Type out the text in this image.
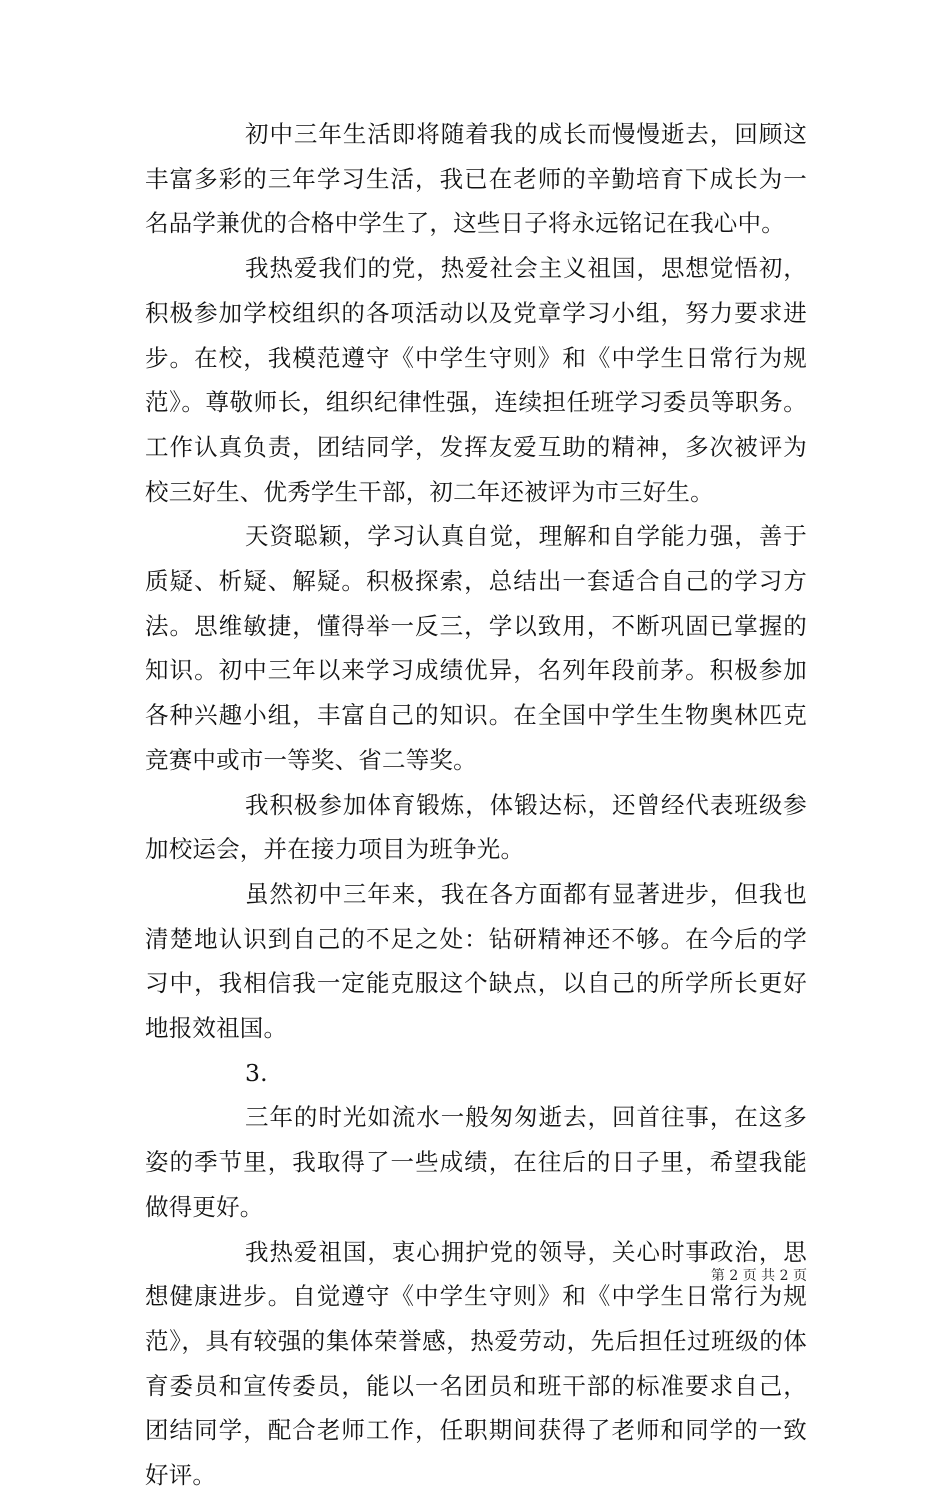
初中三年生活即将随着我的成长而慢慢逝去，回顾这丰富多彩的三年学习生活，我已在老师的辛勤培育下成长为一名品学兼优的合格中学生了，这些日子将永远铭记在我心中。

我热爱我们的党，热爱社会主义祖国，思想觉悟初，积极参加学校组织的各项活动以及党章学习小组，努力要求进步。在校，我模范遵守《中学生守则》和《中学生日常行为规范》。尊敬师长，组织纪律性强，连续担任班学习委员等职务。工作认真负责，团结同学，发挥友爱互助的精神，多次被评为校三好生、优秀学生干部，初二年还被评为市三好生。

天资聪颖，学习认真自觉，理解和自学能力强，善于质疑、析疑、解疑。积极探索，总结出一套适合自己的学习方法。思维敏捷，懂得举一反三，学以致用，不断巩固已掌握的知识。初中三年以来学习成绩优异，名列年段前茅。积极参加各种兴趣小组，丰富自己的知识。在全国中学生生物奥林匹克竞赛中或市一等奖、省二等奖。

我积极参加体育锻炼，体锻达标，还曾经代表班级参加校运会，并在接力项目为班争光。

虽然初中三年来，我在各方面都有显著进步，但我也清楚地认识到自己的不足之处：钻研精神还不够。在今后的学习中，我相信我一定能克服这个缺点，以自己的所学所长更好地报效祖国。

3.

三年的时光如流水一般匆匆逝去，回首往事，在这多姿的季节里，我取得了一些成绩，在往后的日子里，希望我能做得更好。

我热爱祖国，衷心拥护党的领导，关心时事政治，思想健康进步。自觉遵守《中学生守则》和《中学生日常行为规范》，具有较强的集体荣誉感，热爱劳动，先后担任过班级的体育委员和宣传委员，能以一名团员和班干部的标准要求自己，团结同学，配合老师工作，任职期间获得了老师和同学的一致好评。

第 2 页 共 2 页
